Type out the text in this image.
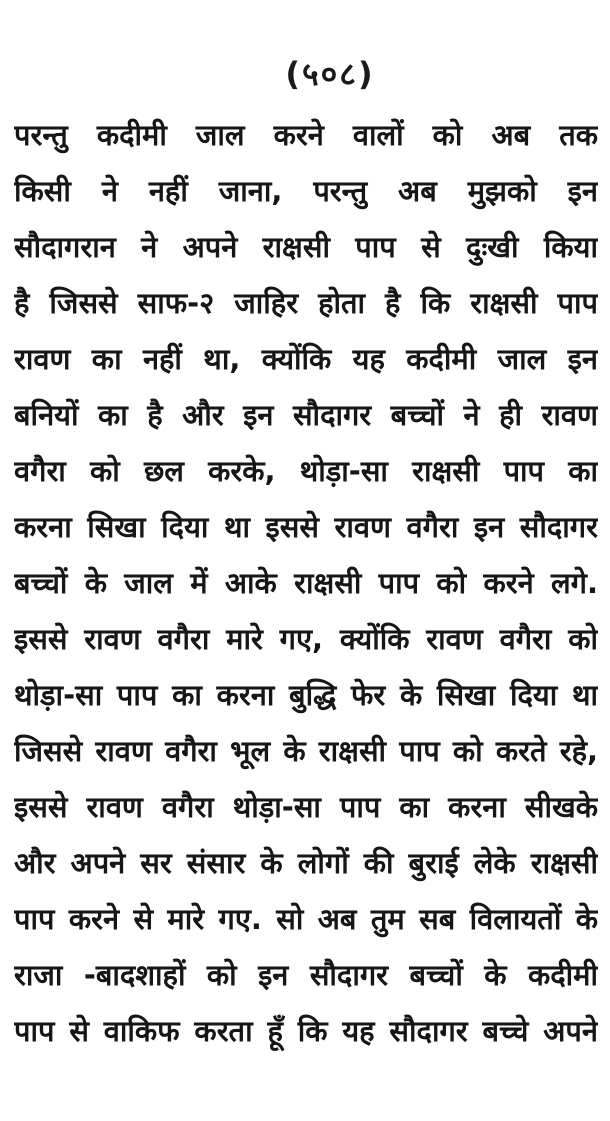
(५०८)
परन्तु कदीमी जाल करने वालों को अब तक
किसी ने नहीं जाना, परन्तु अब मुझको इन
सौदागरान ने अपने राक्षसी पाप से दुःखी किया
है जिससे साफ-२ जाहिर होता है कि राक्षसी पाप
रावण का नहीं था, क्योंकि यह कदीमी जाल इन
बनियों का है और इन सौदागर बच्चों ने ही रावण
वगैरा को छल करके, थोड़ा-सा राक्षसी पाप का
करना सिखा दिया था इससे रावण वगैरा इन सौदागर
बच्चों के जाल में आके राक्षसी पाप को करने लगे.
इससे रावण वगैरा मारे गए, क्योंकि रावण वगैरा को
थोड़ा-सा पाप का करना बुद्धि फेर के सिखा दिया था
जिससे रावण वगैरा भूल के राक्षसी पाप को करते रहे,
इससे रावण वगैरा थोड़ा-सा पाप का करना सीखके
और अपने सर संसार के लोगों की बुराई लेके राक्षसी
पाप करने से मारे गए. सो अब तुम सब विलायतों के
राजा -बादशाहों को इन सौदागर बच्चों के कदीमी
पाप से वाकिफ करता हूँ कि यह सौदागर बच्चे अपने
